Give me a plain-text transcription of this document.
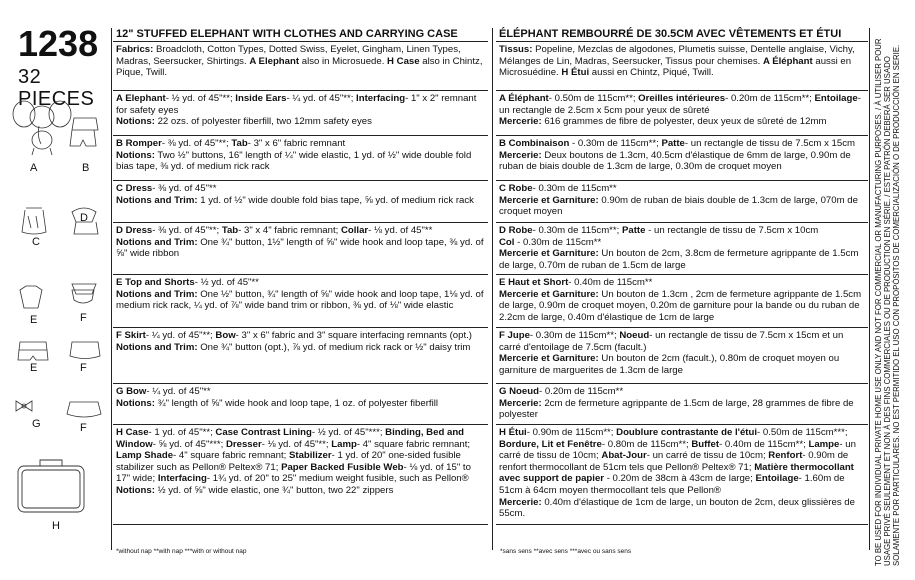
1238
32 PIECES
A	B
C
D
E	F
E	F
G	F
H
12" STUFFED ELEPHANT WITH CLOTHES AND CARRYING CASE
Fabrics: Broadcloth, Cotton Types, Dotted Swiss, Eyelet, Gingham, Linen Types, Madras, Seersucker, Shirtings. A Elephant also in Microsuede. H Case also in Chintz, Pique, Twill.
A Elephant- ½ yd. of 45"**; Inside Ears- ¼ yd. of 45"**; Interfacing- 1" x 2" remnant for safety eyes
Notions: 22 ozs. of polyester fiberfill, two 12mm safety eyes
B Romper- ⅜ yd. of 45"**; Tab- 3" x 6" fabric remnant
Notions: Two ½" buttons, 16" length of ¼" wide elastic, 1 yd. of ½" wide double fold bias tape, ⅜ yd. of medium rick rack
C Dress- ⅜ yd. of 45"**
Notions and Trim: 1 yd. of ½" wide double fold bias tape, ⅝ yd. of medium rick rack
D Dress- ⅜ yd. of 45"**; Tab- 3" x 4" fabric remnant; Collar- ⅛ yd. of 45"**
Notions and Trim: One ¾" button, 1½" length of ⅝" wide hook and loop tape, ⅜ yd. of ⅝" wide ribbon
E Top and Shorts- ½ yd. of 45"**
Notions and Trim: One ½" button, ¾" length of ⅝" wide hook and loop tape, 1⅛ yd. of medium rick rack, ¼ yd. of ⅞" wide band trim or ribbon, ⅜ yd. of ⅛" wide elastic
F Skirt- ¼ yd. of 45"**; Bow- 3" x 6" fabric and 3" square interfacing remnants (opt.)
Notions and Trim: One ¾" button (opt.), ⅞ yd. of medium rick rack or ½" daisy trim
G Bow- ¼ yd. of 45"**
Notions: ¾" length of ⅝" wide hook and loop tape, 1 oz. of polyester fiberfill
H Case- 1 yd. of 45"**; Case Contrast Lining- ½ yd. of 45"***; Binding, Bed and Window- ⅝ yd. of 45"***; Dresser- ⅛ yd. of 45"**; Lamp- 4" square fabric remnant; Lamp Shade- 4" square fabric remnant; Stabilizer- 1 yd. of 20" one-sided fusible stabilizer such as Pellon® Peltex® 71; Paper Backed Fusible Web- ⅛ yd. of 15" to 17" wide; Interfacing- 1¾ yd. of 20" to 25" medium weight fusible, such as Pellon®
Notions: ½ yd. of ⅝" wide elastic, one ¾" button, two 22" zippers
*without nap **with nap ***with or without nap
ÉLÉPHANT REMBOURRÉ DE 30.5CM AVEC VÊTEMENTS ET ÉTUI
Tissus: Popeline, Mezclas de algodones, Plumetis suisse, Dentelle anglaise, Vichy, Mélanges de Lin, Madras, Seersucker, Tissus pour chemises. A Éléphant aussi en Microsuédine. H Étui aussi en Chintz, Piqué, Twill.
A Éléphant- 0.50m de 115cm**; Oreilles intérieures- 0.20m de 115cm**; Entoilage- un rectangle de 2.5cm x 5cm pour yeux de sûreté
Mercerie: 616 grammes de fibre de polyester, deux yeux de sûreté de 12mm
B Combinaison - 0.30m de 115cm**; Patte- un rectangle de tissu de 7.5cm x 15cm
Mercerie: Deux boutons de 1.3cm, 40.5cm d'élastique de 6mm de large, 0.90m de ruban de biais double de 1.3cm de large, 0.30m de croquet moyen
C Robe- 0.30m de 115cm**
Mercerie et Garniture: 0.90m de ruban de biais double de 1.3cm de large, 070m de croquet moyen
D Robe- 0.30m de 115cm**; Patte - un rectangle de tissu de 7.5cm x 10cm
Col - 0.30m de 115cm**
Mercerie et Garniture: Un bouton de 2cm, 3.8cm de fermeture agrippante de 1.5cm de large, 0.70m de ruban de 1.5cm de large
E Haut et Short- 0.40m de 115cm**
Mercerie et Garniture: Un bouton de 1.3cm , 2cm de fermeture agrippante de 1.5cm de large, 0.90m de croquet moyen, 0.20m de garniture pour la bande ou du ruban de 2.2cm de large, 0.40m d'élastique de 1cm de large
F Jupe- 0.30m de 115cm**; Noeud- un rectangle de tissu de 7.5cm x 15cm et un carré d'entoilage de 7.5cm (facult.)
Mercerie et Garniture: Un bouton de 2cm (facult.), 0.80m de croquet moyen ou garniture de marguerites de 1.3cm de large
G Noeud- 0.20m de 115cm**
Mercerie: 2cm de fermeture agrippante de 1.5cm de large, 28 grammes de fibre de polyester
H Étui- 0.90m de 115cm**; Doublure contrastante de l'étui- 0.50m de 115cm***; Bordure, Lit et Fenêtre- 0.80m de 115cm**; Buffet- 0.40m de 115cm**; Lampe- un carré de tissu de 10cm; Abat-Jour- un carré de tissu de 10cm; Renfort- 0.90m de renfort thermocollant de 51cm tels que Pellon® Peltex® 71; Matière thermocollant avec support de papier - 0.20m de 38cm à 43cm de large; Entoilage- 1.60m de 51cm à 64cm moyen thermocollant tels que Pellon®
Mercerie: 0.40m d'élastique de 1cm de large, un bouton de 2cm, deux glissières de 55cm.
*sans sens **avec sens ***avec ou sans sens	TO BE USED FOR INDIVIDUAL PRIVATE HOME USE ONLY AND NOT FOR COMMERCIAL OR MANUFACTURING PURPOSES. / À UTILISER POUR USAGE PRIVÉ SEULEMENT ET NON À DES FINS COMMERCIALES OU DE PRODUCTION EN SÉRIE. / ESTE PATRÓN DEBERÁ SER USADO SOLAMENTE POR PARTICULARES. NO EST PERMITIDO EL USO CON PROPÓSITOS DE COMERCIALIZACIÓN O DE PRODUCCIÓN EN SERIE.
